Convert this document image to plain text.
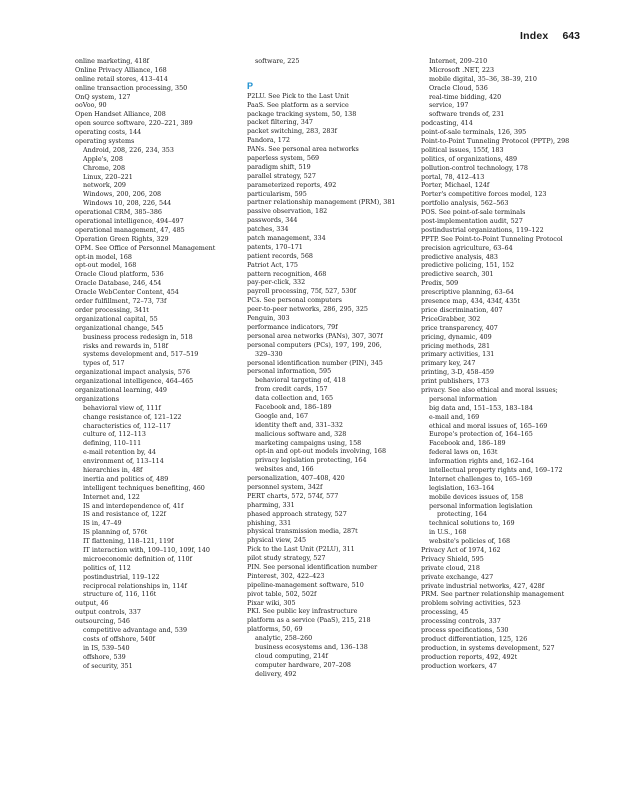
Index 643
online marketing, 418f
Online Privacy Alliance, 168
online retail stores, 413–414
online transaction processing, 350
OnQ system, 127
ooVoo, 90
Open Handset Alliance, 208
open source software, 220–221, 389
operating costs, 144
operating systems
Android, 208, 226, 234, 353
Apple's, 208
Chrome, 208
Linux, 220–221
network, 209
Windows, 200, 206, 208
Windows 10, 208, 226, 544
operational CRM, 385–386
operational intelligence, 494–497
operational management, 47, 485
Operation Green Rights, 329
OPM. See Office of Personnel Management
opt-in model, 168
opt-out model, 168
Oracle Cloud platform, 536
Oracle Database, 246, 454
Oracle WebCenter Content, 454
order fulfillment, 72–73, 73f
order processing, 341t
organizational capital, 55
organizational change, 545
business process redesign in, 518
risks and rewards in, 518f
systems development and, 517–519
types of, 517
organizational impact analysis, 576
organizational intelligence, 464–465
organizational learning, 449
organizations
behavioral view of, 111f
change resistance of, 121–122
characteristics of, 112–117
culture of, 112–113
defining, 110–111
e-mail retention by, 44
environment of, 113–114
hierarchies in, 48f
inertia and politics of, 489
intelligent techniques benefiting, 460
Internet and, 122
IS and interdependence of, 41f
IS and resistance of, 122f
IS in, 47–49
IS planning of, 576t
IT flattening, 118–121, 119f
IT interaction with, 109–110, 109f, 140
microeconomic definition of, 110f
politics of, 112
postindustrial, 119–122
reciprocal relationships in, 114f
structure of, 116, 116t
output, 46
output controls, 337
outsourcing, 546
competitive advantage and, 539
costs of offshore, 540f
in IS, 539–540
offshore, 539
of security, 351
software, 225
P
P2LU. See Pick to the Last Unit
PaaS. See platform as a service
package tracking system, 50, 138
packet filtering, 347
packet switching, 283, 283f
Pandora, 172
PANs. See personal area networks
paperless system, 569
paradigm shift, 519
parallel strategy, 527
parameterized reports, 492
particularism, 595
partner relationship management (PRM), 381
passive observation, 182
passwords, 344
patches, 334
patch management, 334
patents, 170–171
patient records, 568
Patriot Act, 175
pattern recognition, 468
pay-per-click, 332
payroll processing, 75f, 527, 530f
PCs. See personal computers
peer-to-peer networks, 286, 295, 325
Penguin, 303
performance indicators, 79f
personal area networks (PANs), 307, 307f
personal computers (PCs), 197, 199, 206,
329–330
personal identification number (PIN), 345
personal information, 595
behavioral targeting of, 418
from credit cards, 157
data collection and, 165
Facebook and, 186–189
Google and, 167
identity theft and, 331–332
malicious software and, 328
marketing campaigns using, 158
opt-in and opt-out models involving, 168
privacy legislation protecting, 164
websites and, 166
personalization, 407–408, 420
personnel system, 342f
PERT charts, 572, 574f, 577
pharming, 331
phased approach strategy, 527
phishing, 331
physical transmission media, 287t
physical view, 245
Pick to the Last Unit (P2LU), 311
pilot study strategy, 527
PIN. See personal identification number
Pinterest, 302, 422–423
pipeline-management software, 510
pivot table, 502, 502f
Pixar wiki, 305
PKI. See public key infrastructure
platform as a service (PaaS), 215, 218
platforms, 50, 69
analytic, 258–260
business ecosystems and, 136–138
cloud computing, 214f
computer hardware, 207–208
delivery, 492
Internet, 209–210
Microsoft .NET, 223
mobile digital, 35–36, 38–39, 210
Oracle Cloud, 536
real-time bidding, 420
service, 197
software trends of, 231
podcasting, 414
point-of-sale terminals, 126, 395
Point-to-Point Tunneling Protocol (PPTP), 298
political issues, 155f, 183
politics, of organizations, 489
pollution-control technology, 178
portal, 78, 412–413
Porter, Michael, 124f
Porter's competitive forces model, 123
portfolio analysis, 562–563
POS. See point-of-sale terminals
post-implementation audit, 527
postindustrial organizations, 119–122
PPTP. See Point-to-Point Tunneling Protocol
precision agriculture, 63–64
predictive analysis, 483
predictive policing, 151, 152
predictive search, 301
Predix, 509
prescriptive planning, 63–64
presence map, 434, 434f, 435t
price discrimination, 407
PriceGrabber, 302
price transparency, 407
pricing, dynamic, 409
pricing methods, 281
primary activities, 131
primary key, 247
printing, 3-D, 458–459
print publishers, 173
privacy. See also ethical and moral issues;
personal information
big data and, 151–153, 183–184
e-mail and, 169
ethical and moral issues of, 165–169
Europe's protection of, 164–165
Facebook and, 186–189
federal laws on, 163t
information rights and, 162–164
intellectual property rights and, 169–172
Internet challenges to, 165–169
legislation, 163–164
mobile devices issues of, 158
personal information legislation
protecting, 164
technical solutions to, 169
in U.S., 168
website's policies of, 168
Privacy Act of 1974, 162
Privacy Shield, 595
private cloud, 218
private exchange, 427
private industrial networks, 427, 428f
PRM. See partner relationship management
problem solving activities, 523
processing, 45
processing controls, 337
process specifications, 530
product differentiation, 125, 126
production, in systems development, 527
production reports, 492, 492t
production workers, 47
